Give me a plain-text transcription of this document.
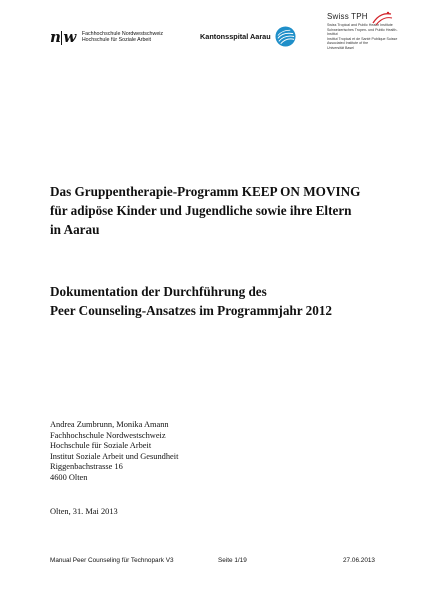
n w Fachhochschule Nordwestschweiz
Hochschule für Soziale Arbeit	Kantonsspital Aarau
Swiss TPH
Swiss Tropical and Public Health Institute
Schweizerisches Tropen- und Public Health-Institut
Institut Tropical et de Santé Publique Suisse
Associated Institute of the
Universität Basel
Das Gruppentherapie-Programm KEEP ON MOVING
für adipöse Kinder und Jugendliche sowie ihre Eltern
in Aarau
Dokumentation der Durchführung des
Peer Counseling-Ansatzes im Programmjahr 2012
Andrea Zumbrunn, Monika Amann
Fachhochschule Nordwestschweiz
Hochschule für Soziale Arbeit
Institut Soziale Arbeit und Gesundheit
Riggenbachstrasse 16
4600 Olten
Olten, 31. Mai 2013
Manual Peer Counseling für Technopark V3	Seite 1/19	27.06.2013
